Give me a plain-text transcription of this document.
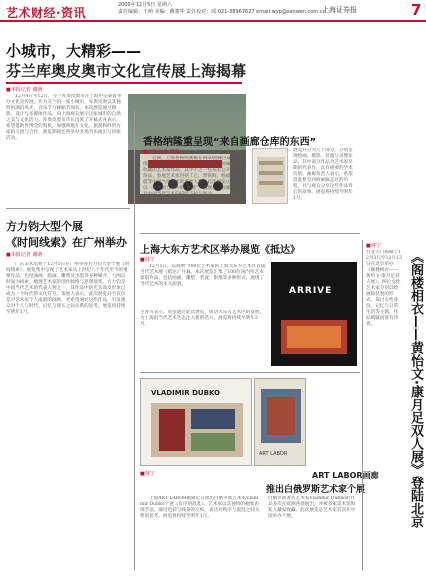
艺术财经·资讯
2009年12月5日 星期六
责任编辑：王萌 美编：戴骏华 责任校对：邱 021-38967627 email:wyp@sanwen.com.cn
上海证券报	7
小城市，大精彩——
芬兰库奥皮奥市文化宣传展上海揭幕
■本报记者 谢萌
12月4日至12日，芬兰库奥皮奥市在上海中信泰富举办文化宣传展。作为芬兰的一座小城市，库奥皮奥以其独特的湖泊风光、音乐节与舞蹈节闻名。本次展览通过摄影、设计与多媒体作品，向上海观众展示这座城市的自然之美与文化活力。库奥皮奥市市长出席了开幕式并表示，希望借助世博会的契机，加强两地在文化、旅游和经贸方面的交流与合作。展览期间还将举办多场音乐演出与讲座活动。
方力钧大型个展
《时间线索》在广州举办
■本报记者 谢萌
广东美术馆将于12月5日在广州举办方力钧大型个展《时间线索》。展览集中呈现了艺术家从上世纪八十年代至今的重要作品，包括油画、版画、雕塑及水墨等多种媒介，力图以时间为线索，梳理艺术家的创作脉络与思想演变。方力钧是中国当代艺术的代表人物之一，其作品中的光头泼皮形象已成为一个时代的文化符号。策展人表示，此次展览并不仅仅是对艺术家个人成就的回顾，更希望通过这些作品，引发观众对个人与时代、记忆与现实之间关系的思考。展览将持续至明年1月。
香格纳隆重呈现“来自画廊仓库的东西”
■本报记者 谢萌
近期，上海香格纳画廊在M50画廊区隆重呈现“来自画廊仓库的东西”。展览精选了画廊多年来收藏的艺术家作品，其中不乏一些从未公开展出的珍品。参展艺术家包括丁乙、周铁海、杨福东、徐震等中国当代艺术的重要人物。此次展览让观众得以一窥画廊仓库中的“秘密”，也展示了画廊多年来对中国当代艺术的持续支持与推动。
展览共分为几个部分，分别呈现绘画、摄影、装置与录像作品。其中部分作品为艺术家早期的代表作，具有重要的学术价值。画廊负责人表示，希望借此机会回顾画廊走过的历程，并与观众分享这些作品背后的故事。展览将持续至明年1月。
上海大东方艺术区举办展览《抵达》
■林宁
12月5日，以画展“100位艺术家的上海大东方艺术区首届当代艺术展《抵达》”开幕。本次展览汇集了100位国内外艺术家的作品，包括油画、雕塑、装置、影像等多种形式，展现了当代艺术的多元面貌。
主办方表示，希望通过此次展览，推动大东方艺术区的发展，为上海的当代艺术生态注入新的活力。展览将持续至明年2月。
ARRIVE
VLADIMIR DUBKO
ART LABOR
ART LABOR画廊
推出白俄罗斯艺术家个展
■林宁
上海ART LABOR画廊近日推出白俄罗斯艺术家Vladimir Dubko个展《有序的混乱》。艺术家以其独特的抽象表现手法，通过色彩与线条的交织，表达对秩序与混乱之间关系的思考。展览将持续至明年1月。
白俄罗斯著名艺术家Vladimir Dubko的作品多次在欧洲各地展出，并被多家美术馆和私人藏家收藏。此次展览是艺术家首次在中国举办个展。
■林宁
台北大门画廊于12月3日至12月13日在北京举办《阁楼相衣——黄怡文·康月足双人展》。两位女性艺术家分别以绘画和装置的形式，探讨女性身份、记忆与日常生活等主题，作品细腻而富有诗意。	《阁楼相衣——黄怡文·康月足双人展》登陆北京
